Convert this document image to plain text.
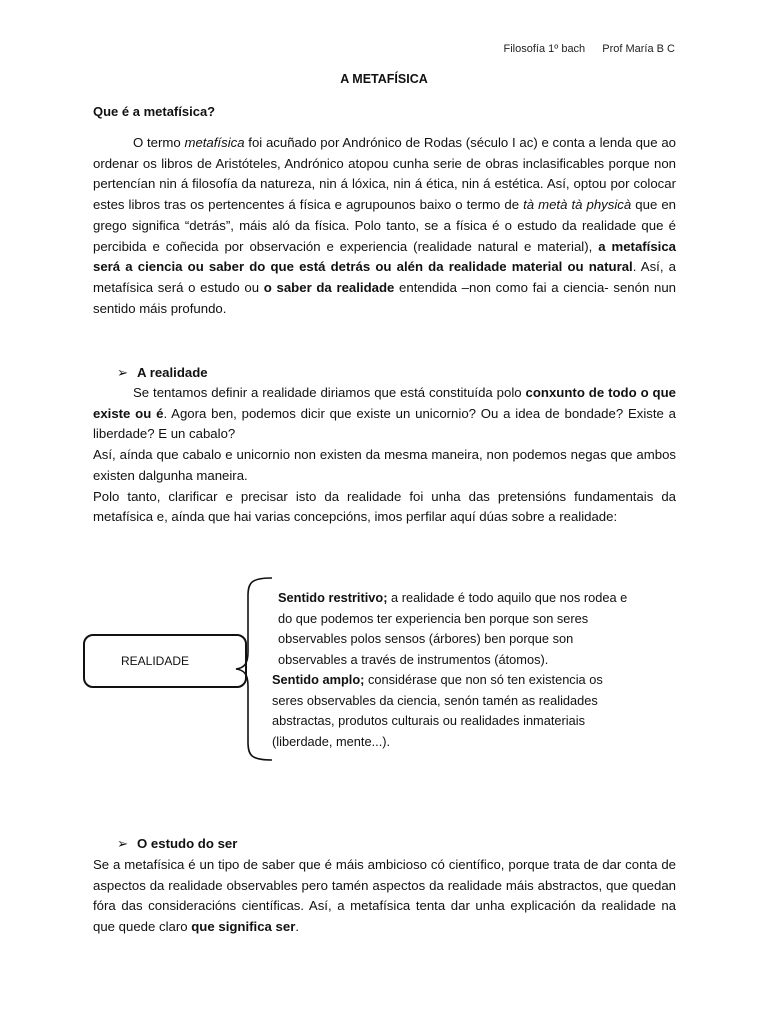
Filosofía 1º bach Prof María B C
A METAFÍSICA
Que é a metafísica?

O termo metafísica foi acuñado por Andrónico de Rodas (século I ac) e conta a lenda que ao ordenar os libros de Aristóteles, Andrónico atopou cunha serie de obras inclasificables porque non pertencían nin á filosofía da natureza, nin á lóxica, nin á ética, nin á estética. Así, optou por colocar estes libros tras os pertencentes á física e agrupounos baixo o termo de tà metà tà physicà que en grego significa “detrás”, máis aló da física. Polo tanto, se a física é o estudo da realidade que é percibida e coñecida por observación e experiencia (realidade natural e material), a metafísica será a ciencia ou saber do que está detrás ou alén da realidade material ou natural. Así, a metafísica será o estudo ou o saber da realidade entendida –non como fai a ciencia- senón nun sentido máis profundo.

➢ A realidade

Se tentamos definir a realidade diriamos que está constituída polo conxunto de todo o que existe ou é. Agora ben, podemos dicir que existe un unicornio? Ou a idea de bondade? Existe a liberdade? E un cabalo?

Así, aínda que cabalo e unicornio non existen da mesma maneira, non podemos negas que ambos existen dalgunha maneira.

Polo tanto, clarificar e precisar isto da realidade foi unha das pretensións fundamentais da metafísica e, aínda que hai varias concepcións, imos perfilar aquí dúas sobre a realidade:

REALIDADE
Sentido restritivo; a realidade é todo aquilo que nos rodea e
do que podemos ter experiencia ben porque son seres
observables polos sensos (árbores) ben porque son
observables a través de instrumentos (átomos).
Sentido amplo; considérase que non só ten existencia os
seres observables da ciencia, senón tamén as realidades
abstractas, produtos culturais ou realidades inmateriais
(liberdade, mente...).
➢ O estudo do ser

Se a metafísica é un tipo de saber que é máis ambicioso có científico, porque trata de dar conta de aspectos da realidade observables pero tamén aspectos da realidade máis abstractos, que quedan fóra das consideracións científicas. Así, a metafísica tenta dar unha explicación da realidade na que quede claro que significa ser.
